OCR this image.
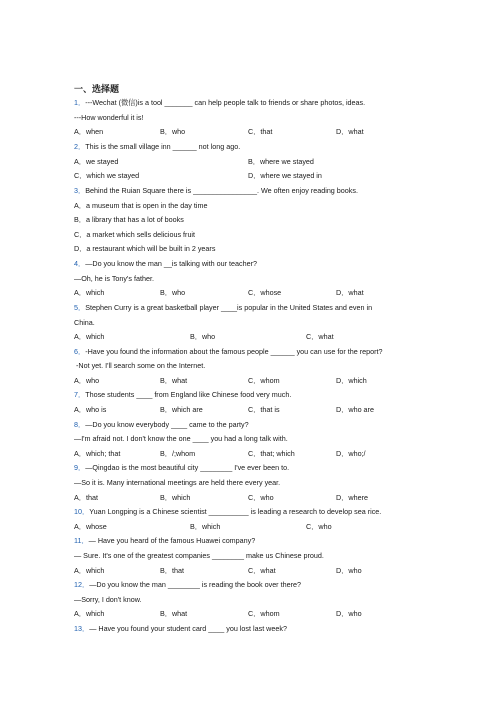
一、选择题
1．---Wechat (微信)is a tool _______ can help people talk to friends or share photos, ideas.
---How wonderful it is!
A．when	B．who	C．that	D．what
2．This is the small village inn ______ not long ago.
A．we stayed	B．where we stayed
C．which we stayed	D．where we stayed in
3．Behind the Ruian Square there is ________________. We often enjoy reading books.
A．a museum that is open in the day time
B．a library that has a lot of books
C．a market which sells delicious fruit
D．a restaurant which will be built in 2 years
4．—Do you know the man __is talking with our teacher?
—Oh, he is Tony's father.
A．which	B．who	C．whose	D．what
5．Stephen Curry is a great basketball player ____is popular in the United States and even in
China.
A．which	B．who	C．what
6．-Have you found the information about the famous people ______ you can use for the report?
-Not yet. I'll search some on the Internet.
A．who	B．what	C．whom	D．which
7．Those students ____ from England like Chinese food very much.
A．who is	B．which are	C．that is	D．who are
8．—Do you know everybody ____ came to the party?
—I'm afraid not. I don't know the one ____ you had a long talk with.
A．which; that	B．/;whom	C．that; which	D．who;/
9．—Qingdao is the most beautiful city ________ I've ever been to.
—So it is. Many international meetings are held there every year.
A．that	B．which	C．who	D．where
10．Yuan Longping is a Chinese scientist __________ is leading a research to develop sea rice.
A．whose	B．which	C．who
11．— Have you heard of the famous Huawei company?
— Sure. It's one of the greatest companies ________ make us Chinese proud.
A．which	B．that	C．what	D．who
12．—Do you know the man ________ is reading the book over there?
—Sorry, I don't know.
A．which	B．what	C．whom	D．who
13．— Have you found your student card ____ you lost last week?
